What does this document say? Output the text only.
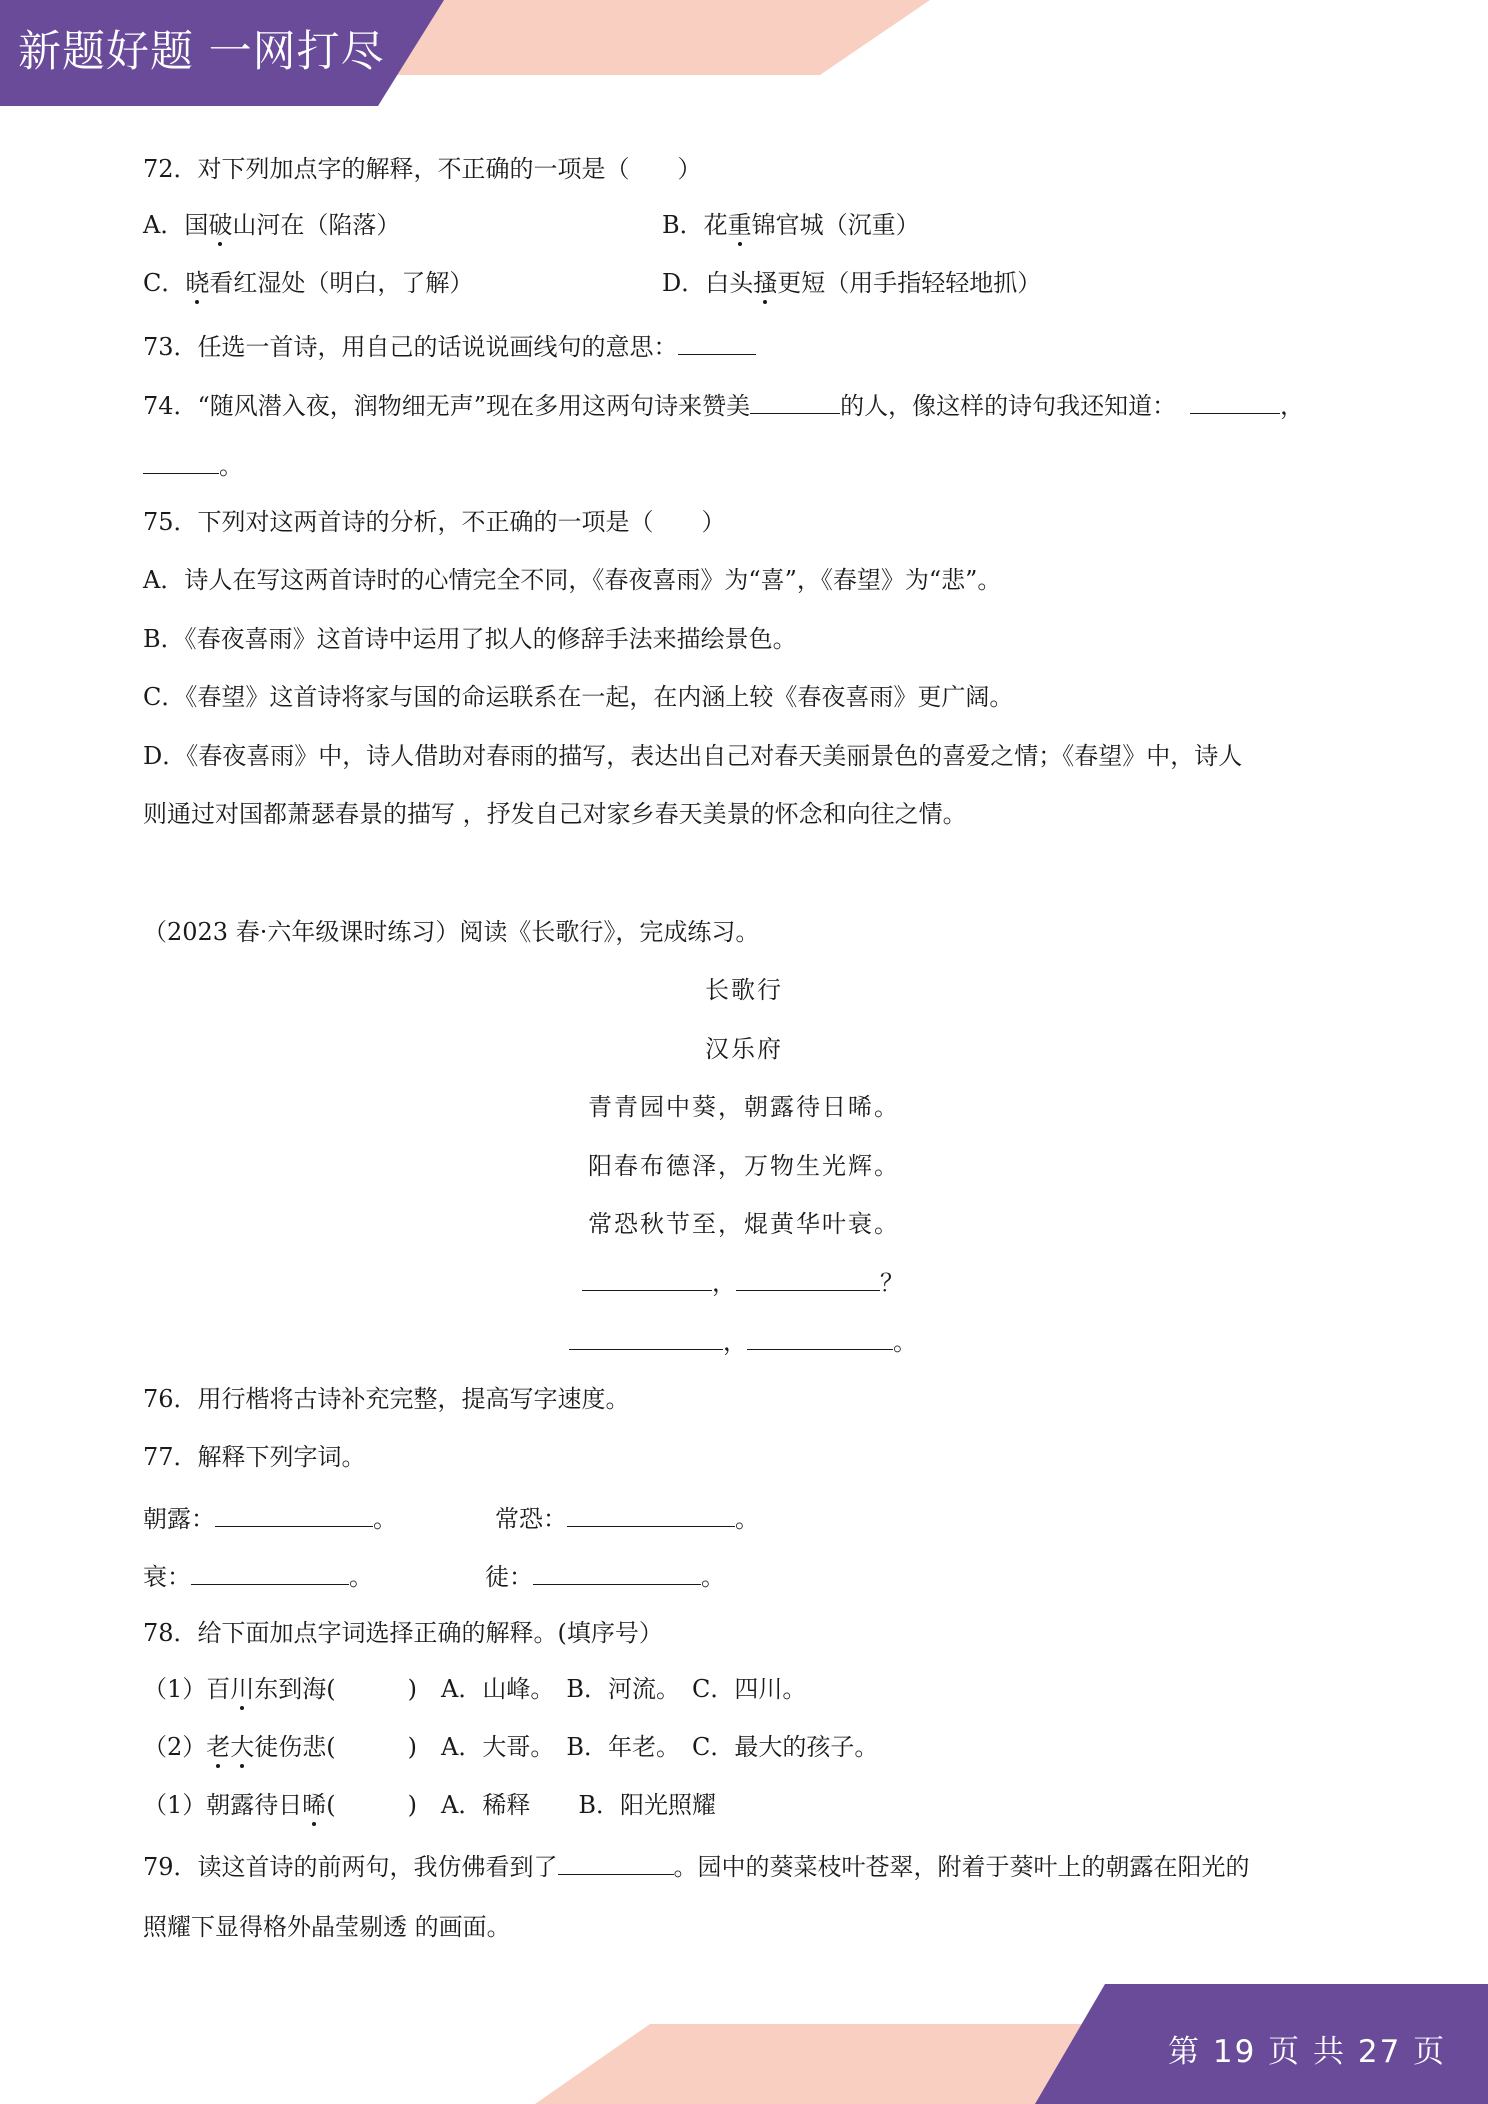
新题好题 一网打尽
72．对下列加点字的解释，不正确的一项是（　　）
A．国破山河在（陷落）	B．花重锦官城（沉重）
C．晓看红湿处（明白，了解）	D．白头搔更短（用手指轻轻地抓）
73．任选一首诗，用自己的话说说画线句的意思：
74．“随风潜入夜，润物细无声”现在多用这两句诗来赞美	的人，像这样的诗句我还知道：	，
。
75．下列对这两首诗的分析，不正确的一项是（　　）
A．诗人在写这两首诗时的心情完全不同，《春夜喜雨》为“喜”，《春望》为“悲”。
B．《春夜喜雨》这首诗中运用了拟人的修辞手法来描绘景色。
C．《春望》这首诗将家与国的命运联系在一起，在内涵上较《春夜喜雨》更广阔。
D．《春夜喜雨》中，诗人借助对春雨的描写，表达出自己对春天美丽景色的喜爱之情；《春望》中，诗人
则通过对国都萧瑟春景的描写 ，抒发自己对家乡春天美景的怀念和向往之情。
（2023 春·六年级课时练习）阅读《长歌行》，完成练习。
长歌行
汉乐府
青青园中葵，朝露待日晞。
阳春布德泽，万物生光辉。
常恐秋节至，焜黄华叶衰。
，	？
，	。
76．用行楷将古诗补充完整，提高写字速度。
77．解释下列字词。
朝露：	。	常恐：	。
衰：	。	徒：	。
78．给下面加点字词选择正确的解释。(填序号）
（1）百川东到海(　　　)　A．山峰。　B．河流。　C．四川。
（2）老大徒伤悲(　　　)　A．大哥。　B．年老。　C．最大的孩子。
（1）朝露待日晞(　　　)　A．稀释　　B．阳光照耀
79．读这首诗的前两句，我仿佛看到了	。园中的葵菜枝叶苍翠，附着于葵叶上的朝露在阳光的
照耀下显得格外晶莹剔透 的画面。
第 19 页 共 27 页
